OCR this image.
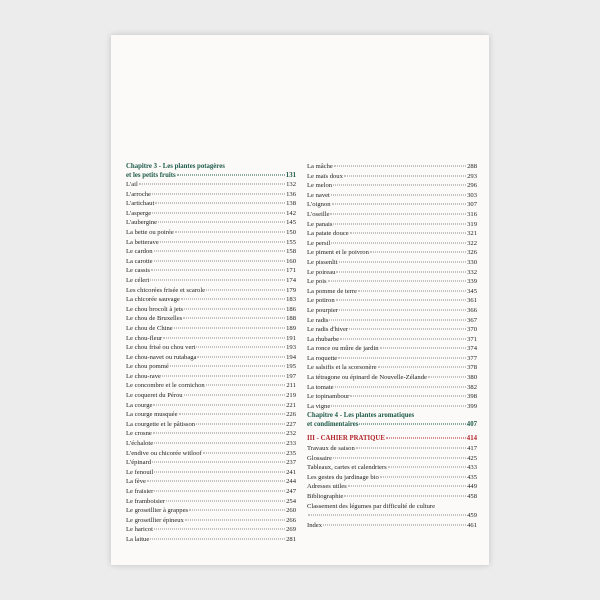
Chapitre 3 - Les plantes potagères
et les petits fruits	131
L'ail	132
L'arroche	136
L'artichaut	138
L'asperge	142
L'aubergine	145
La bette ou poirée	150
La betterave	155
Le cardon	158
La carotte	160
Le cassis	171
Le céleri	174
Les chicorées frisée et scarole	179
La chicorée sauvage	183
Le chou brocoli à jets	186
Le chou de Bruxelles	188
Le chou de Chine	189
Le chou-fleur	191
Le chou frisé ou chou vert	193
Le chou-navet ou rutabaga	194
Le chou pommé	195
Le chou-rave	197
Le concombre et le cornichon	211
Le coqueret du Pérou	219
La courge	221
La courge musquée	226
La courgette et le pâtisson	227
Le crosne	232
L'échalote	233
L'endive ou chicorée witloof	235
L'épinard	237
Le fenouil	241
La fève	244
Le fraisier	247
Le framboisier	254
Le groseillier à grappes	260
Le groseillier épineux	266
Le haricot	269
La laitue	281
La mâche	288
Le maïs doux	293
Le melon	296
Le navet	303
L'oignon	307
L'oseille	316
Le panais	319
La patate douce	321
Le persil	322
Le piment et le poivron	326
Le pissenlit	330
Le poireau	332
Le pois	339
La pomme de terre	345
Le potiron	361
Le pourpier	366
Le radis	367
Le radis d'hiver	370
La rhubarbe	371
La ronce ou mûre de jardin	374
La roquette	377
Le salsifis et la scorsonère	378
La tétragone ou épinard de Nouvelle-Zélande	380
La tomate	382
Le topinambour	398
La vigne	399
Chapitre 4 - Les plantes aromatiques
et condimentaires	407
III - CAHIER PRATIQUE	414
Travaux de saison	417
Glossaire	425
Tableaux, cartes et calendriers	433
Les gestes du jardinage bio	435
Adresses utiles	449
Bibliographie	458
Classement des légumes par difficulté de culture
459
Index	461
